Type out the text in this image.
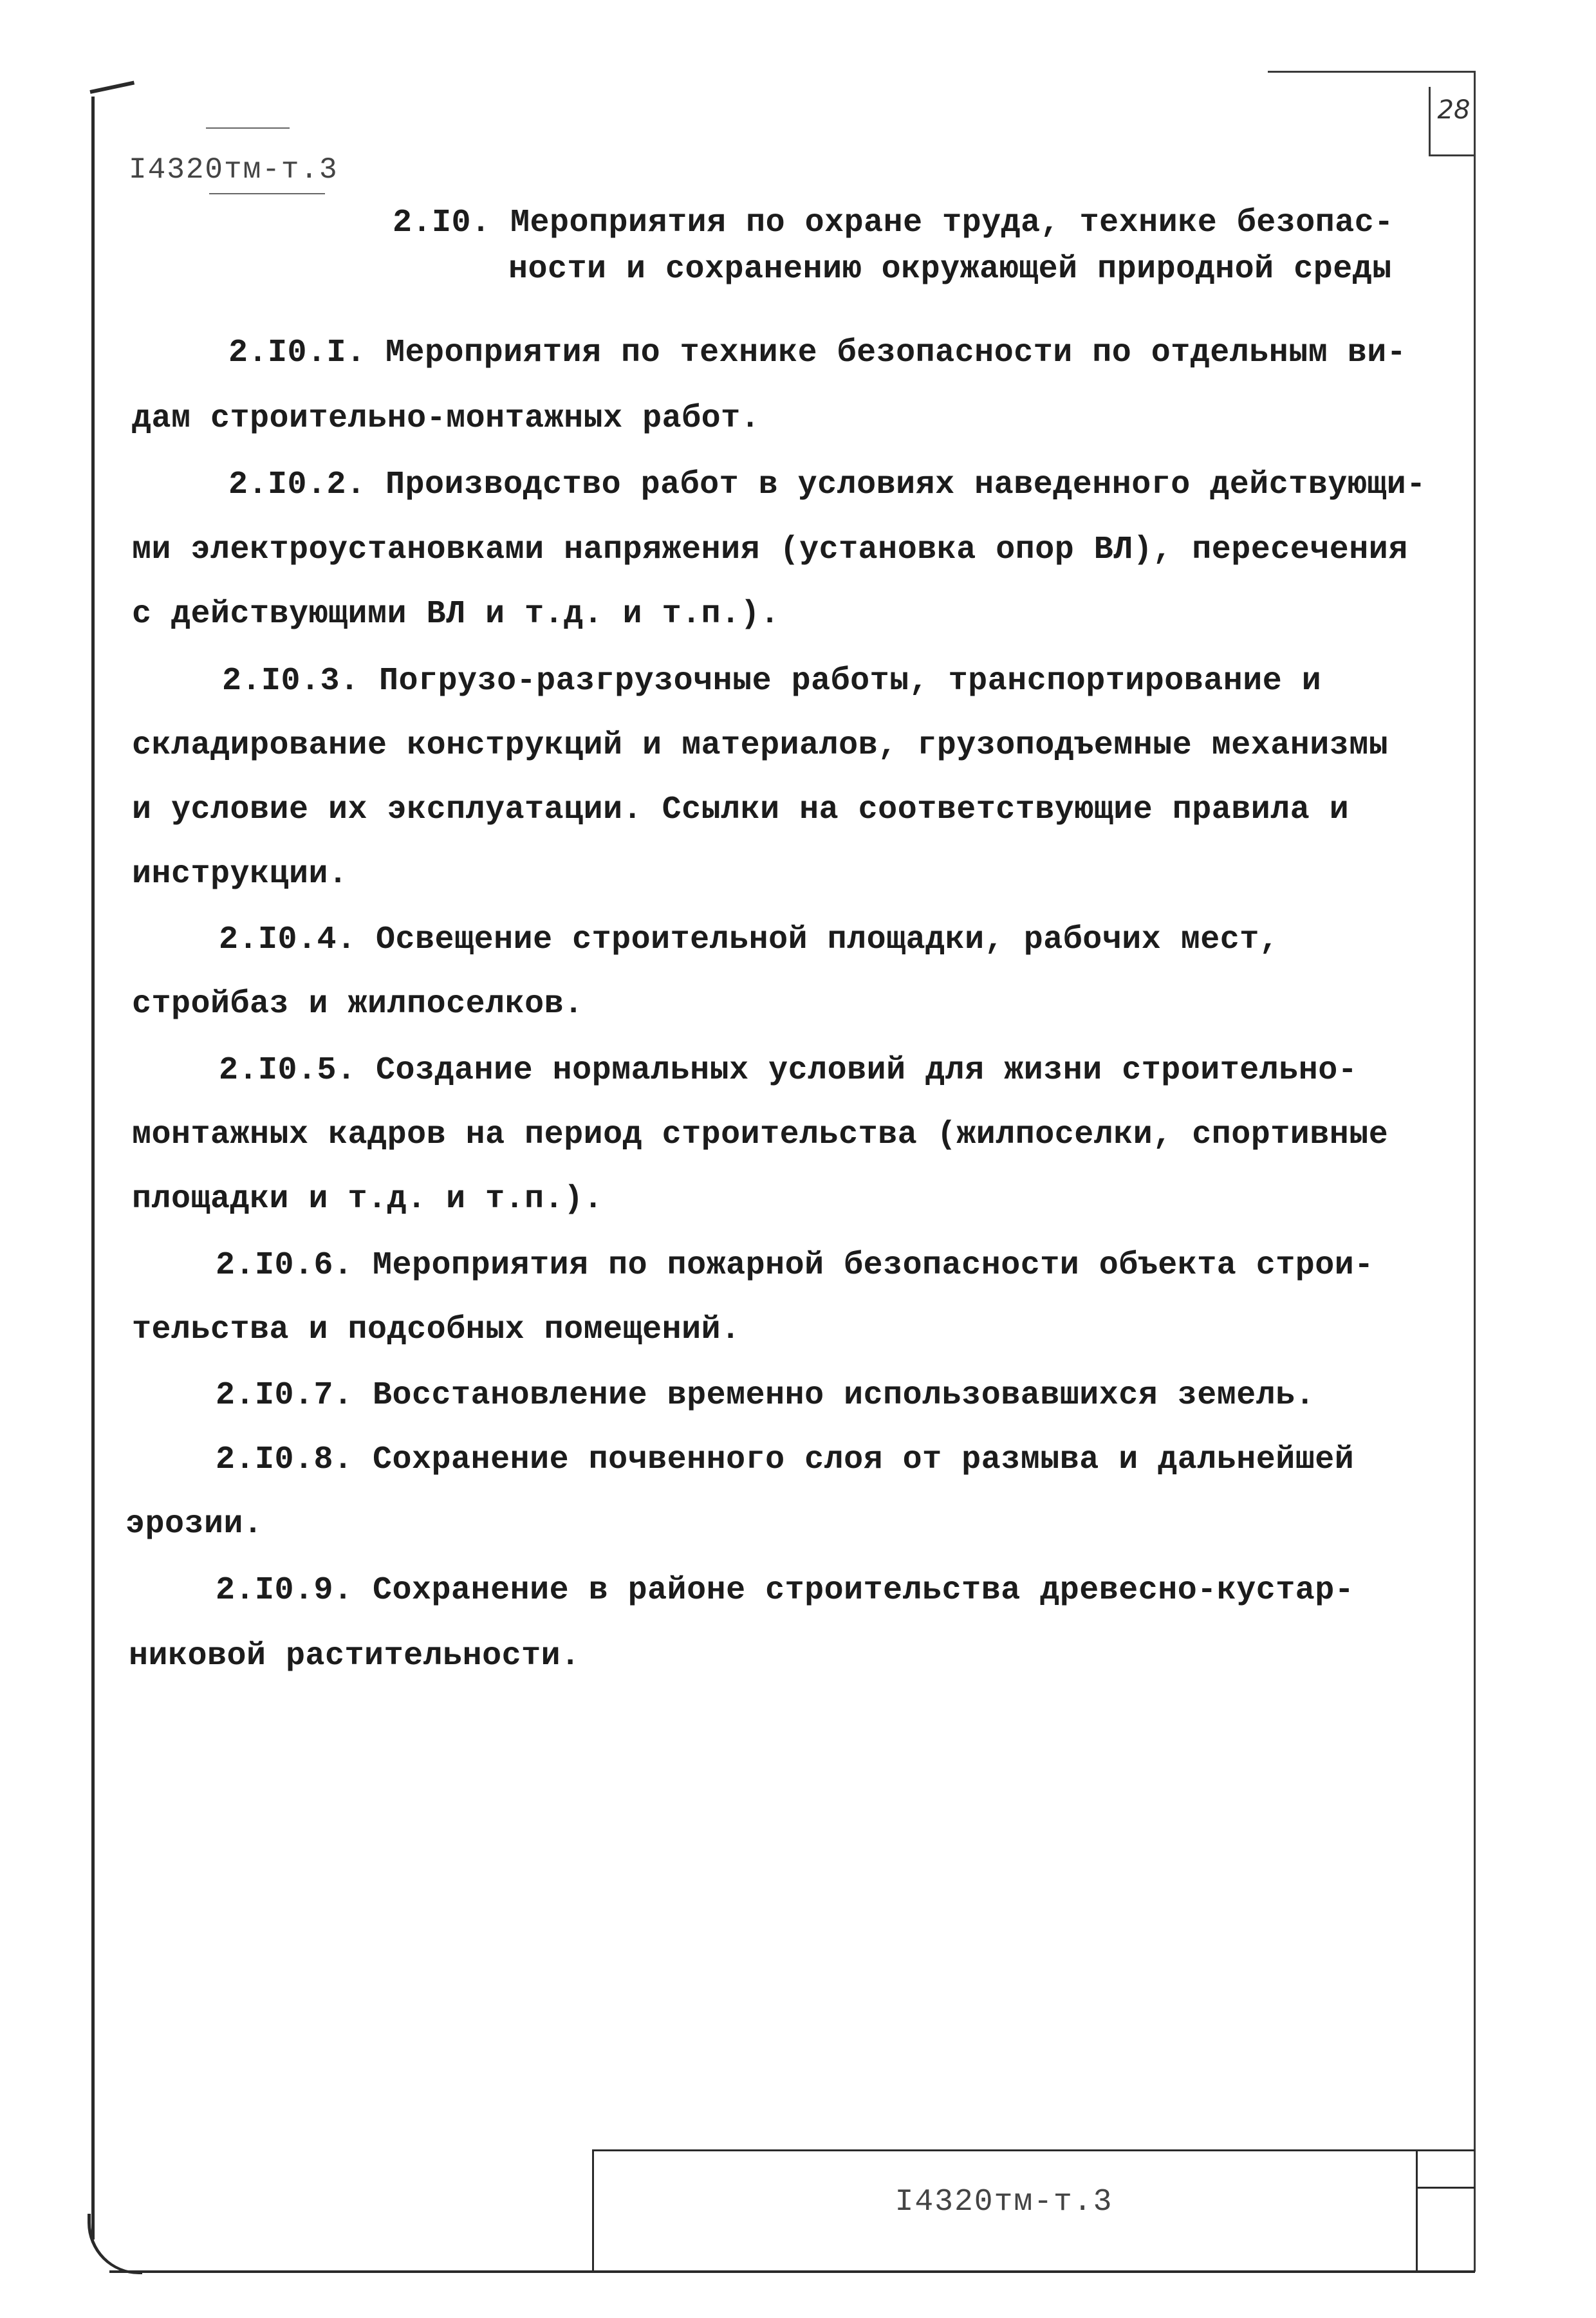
28
I4320тм-т.3
2.I0. Мероприятия по охране труда, технике безопас-
ности и сохранению окружающей природной среды
2.I0.I. Мероприятия по технике безопасности по отдельным ви-
дам строительно-монтажных работ.
2.I0.2. Производство работ в условиях наведенного действующи-
ми электроустановками напряжения (установка опор ВЛ), пересечения
с действующими ВЛ и т.д. и т.п.).
2.I0.3. Погрузо-разгрузочные работы, транспортирование и
складирование конструкций и материалов, грузоподъемные механизмы
и условие их эксплуатации. Ссылки на соответствующие правила и
инструкции.
2.I0.4. Освещение строительной площадки, рабочих мест,
стройбаз и жилпоселков.
2.I0.5. Создание нормальных условий для жизни строительно-
монтажных кадров на период строительства (жилпоселки, спортивные
площадки и т.д. и т.п.).
2.I0.6. Мероприятия по пожарной безопасности объекта строи-
тельства и подсобных помещений.
2.I0.7. Восстановление временно использовавшихся земель.
2.I0.8. Сохранение почвенного слоя от размыва и дальнейшей
эрозии.
2.I0.9. Сохранение в районе строительства древесно-кустар-
никовой растительности.
I4320тм-т.3
